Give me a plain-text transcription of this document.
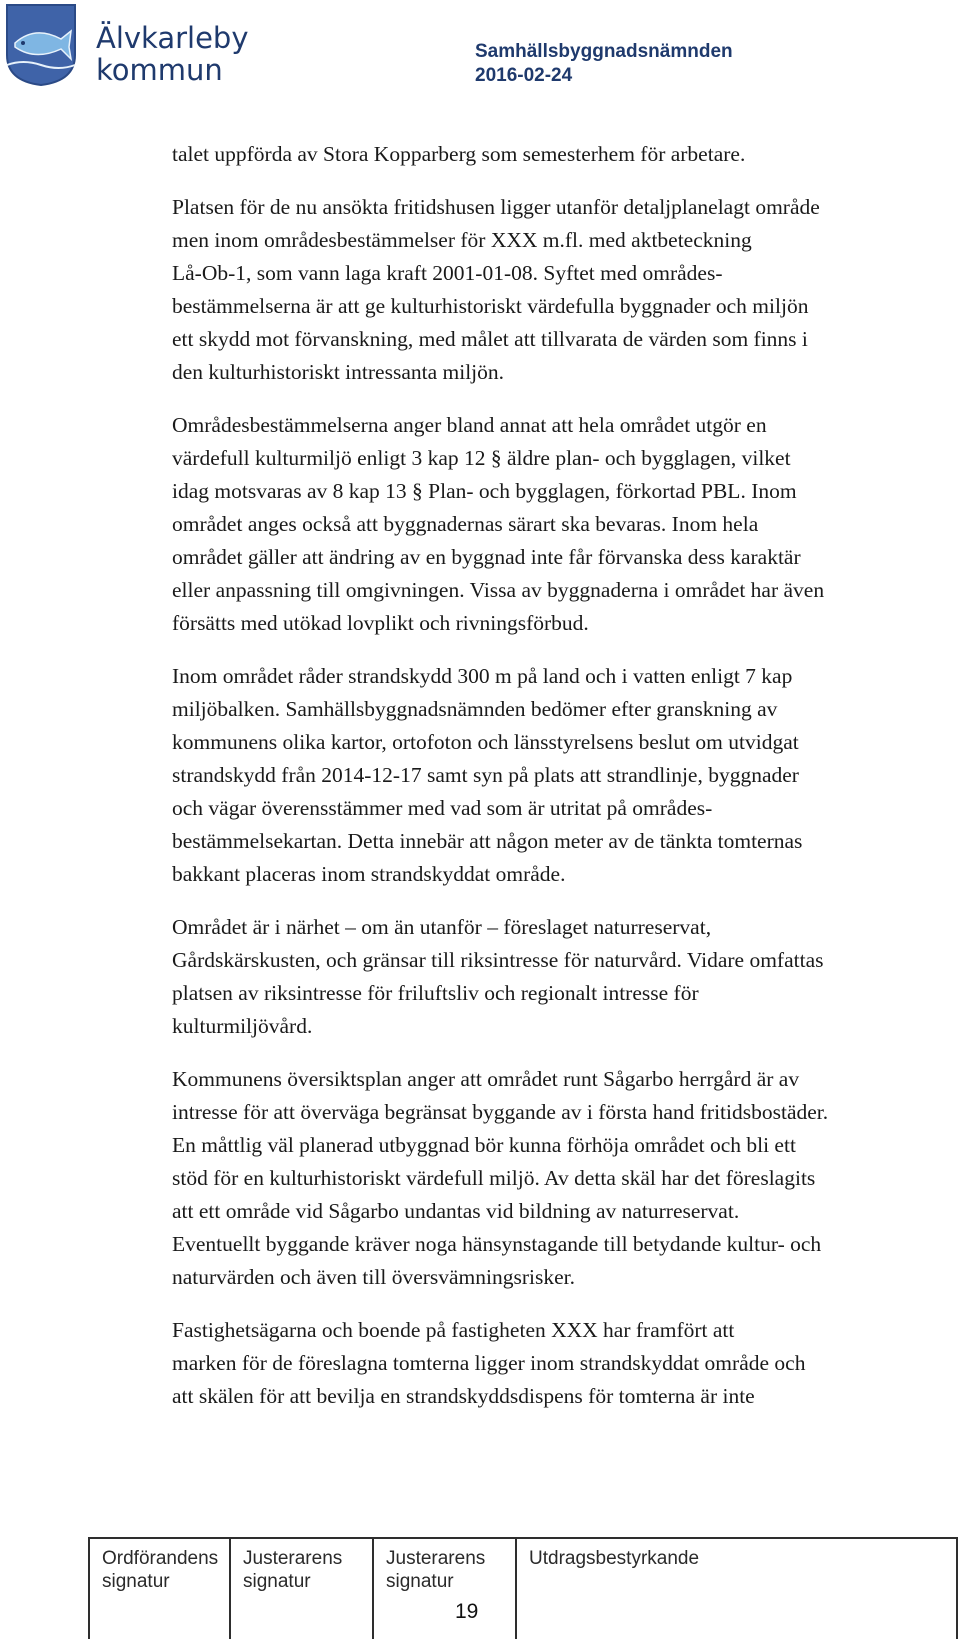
Älvkarleby
kommun
Samhällsbyggnadsnämnden
2016-02-24

talet uppförda av Stora Kopparberg som semesterhem för arbetare.

Platsen för de nu ansökta fritidshusen ligger utanför detaljplanelagt område
men inom områdesbestämmelser för XXX m.fl. med aktbeteckning
Lå-Ob-1, som vann laga kraft 2001-01-08. Syftet med områdes-
bestämmelserna är att ge kulturhistoriskt värdefulla byggnader och miljön
ett skydd mot förvanskning, med målet att tillvarata de värden som finns i
den kulturhistoriskt intressanta miljön.

Områdesbestämmelserna anger bland annat att hela området utgör en
värdefull kulturmiljö enligt 3 kap 12 § äldre plan- och bygglagen, vilket
idag motsvaras av 8 kap 13 § Plan- och bygglagen, förkortad PBL. Inom
området anges också att byggnadernas särart ska bevaras. Inom hela
området gäller att ändring av en byggnad inte får förvanska dess karaktär
eller anpassning till omgivningen. Vissa av byggnaderna i området har även
försätts med utökad lovplikt och rivningsförbud.

Inom området råder strandskydd 300 m på land och i vatten enligt 7 kap
miljöbalken. Samhällsbyggnadsnämnden bedömer efter granskning av
kommunens olika kartor, ortofoton och länsstyrelsens beslut om utvidgat
strandskydd från 2014-12-17 samt syn på plats att strandlinje, byggnader
och vägar överensstämmer med vad som är utritat på områdes-
bestämmelsekartan. Detta innebär att någon meter av de tänkta tomternas
bakkant placeras inom strandskyddat område.

Området är i närhet – om än utanför – föreslaget naturreservat,
Gårdskärskusten, och gränsar till riksintresse för naturvård. Vidare omfattas
platsen av riksintresse för friluftsliv och regionalt intresse för
kulturmiljövård.

Kommunens översiktsplan anger att området runt Sågarbo herrgård är av
intresse för att överväga begränsat byggande av i första hand fritidsbostäder.
En måttlig väl planerad utbyggnad bör kunna förhöja området och bli ett
stöd för en kulturhistoriskt värdefull miljö. Av detta skäl har det föreslagits
att ett område vid Sågarbo undantas vid bildning av naturreservat.
Eventuellt byggande kräver noga hänsynstagande till betydande kultur- och
naturvärden och även till översvämningsrisker.

Fastighetsägarna och boende på fastigheten XXX har framfört att
marken för de föreslagna tomterna ligger inom strandskyddat område och
att skälen för att bevilja en strandskyddsdispens för tomterna är inte

Ordförandens
signatur
Justerarens
signatur
Justerarens
signatur
Utdragsbestyrkande
19
